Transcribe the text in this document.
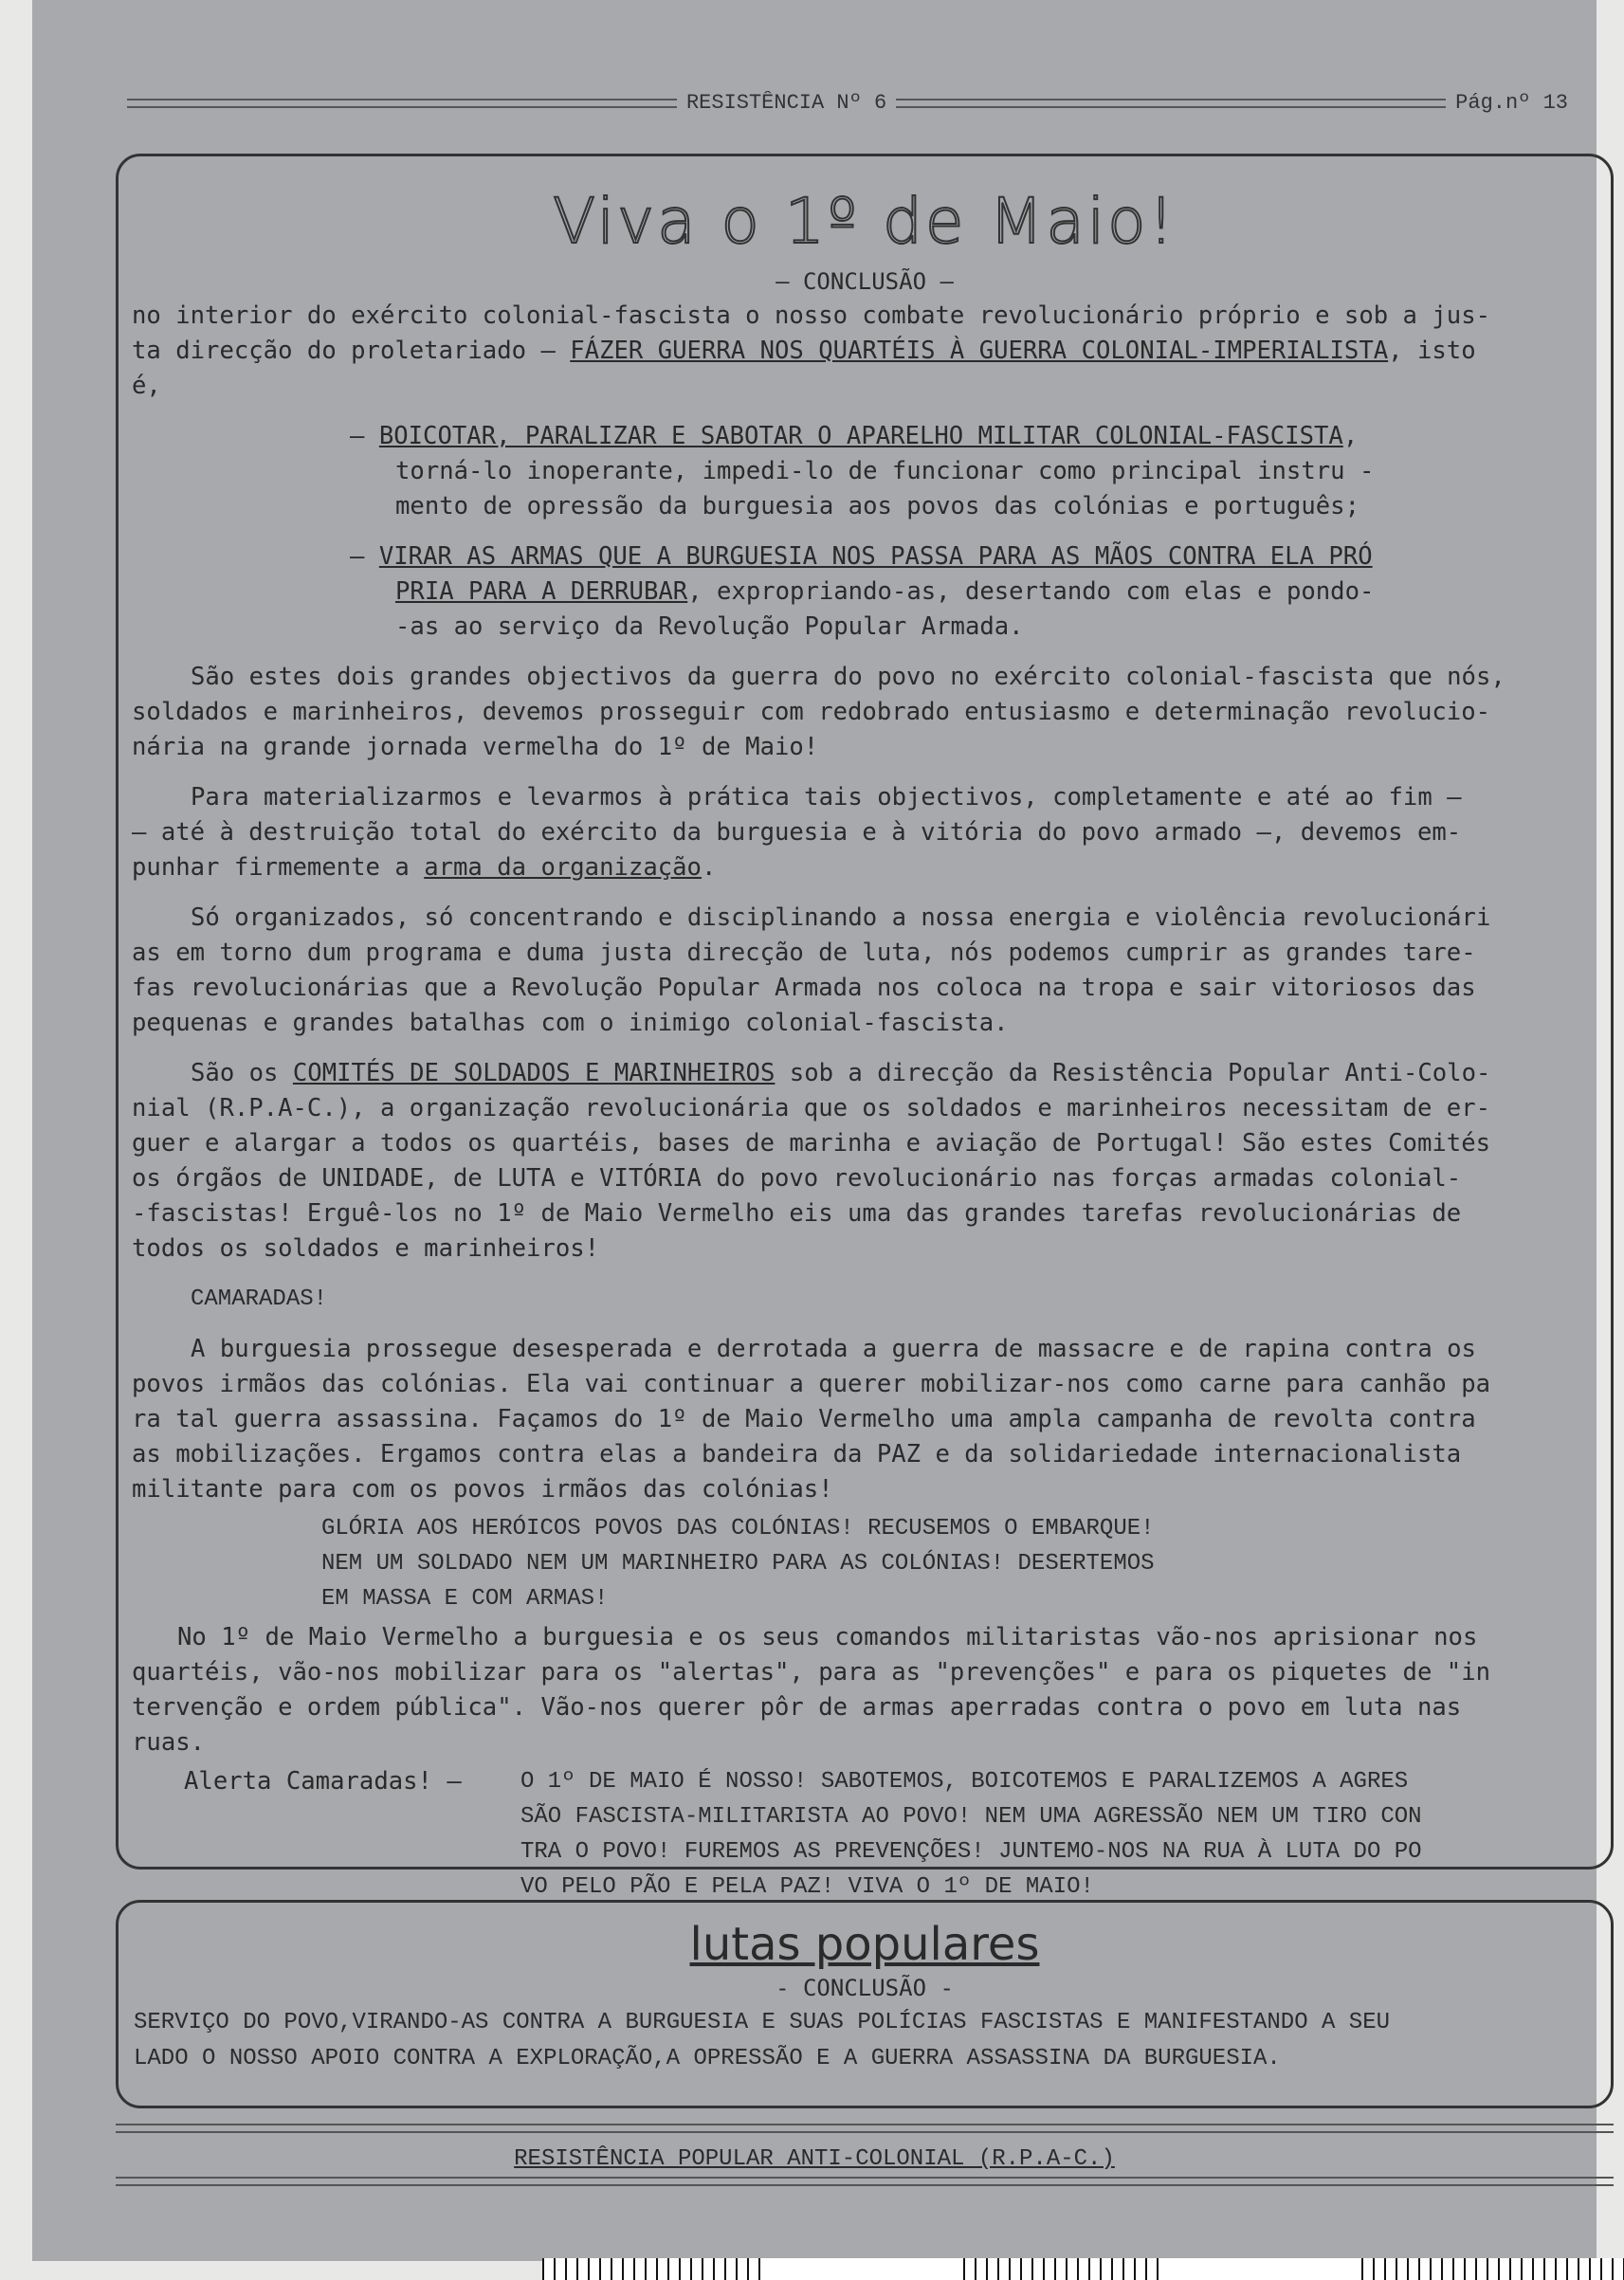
RESISTÊNCIA Nº 6	Pág.nº 13
Viva o 1º de Maio!
— CONCLUSÃO —

no interior do exército colonial-fascista o nosso combate revolucionário próprio e sob a jus-
ta direcção do proletariado — FÁZER GUERRA NOS QUARTÉIS À GUERRA COLONIAL-IMPERIALISTA, isto
é,

— BOICOTAR, PARALIZAR E SABOTAR O APARELHO MILITAR COLONIAL-FASCISTA,
torná-lo inoperante, impedi-lo de funcionar como principal instru -
mento de opressão da burguesia aos povos das colónias e português;

— VIRAR AS ARMAS QUE A BURGUESIA NOS PASSA PARA AS MÃOS CONTRA ELA PRÓ
PRIA PARA A DERRUBAR, expropriando-as, desertando com elas e pondo-
-as ao serviço da Revolução Popular Armada.

São estes dois grandes objectivos da guerra do povo no exército colonial-fascista que nós,
soldados e marinheiros, devemos prosseguir com redobrado entusiasmo e determinação revolucio-
nária na grande jornada vermelha do 1º de Maio!

Para materializarmos e levarmos à prática tais objectivos, completamente e até ao fim —
— até à destruição total do exército da burguesia e à vitória do povo armado —, devemos em-
punhar firmemente a arma da organização.

Só organizados, só concentrando e disciplinando a nossa energia e violência revolucionári
as em torno dum programa e duma justa direcção de luta, nós podemos cumprir as grandes tare-
fas revolucionárias que a Revolução Popular Armada nos coloca na tropa e sair vitoriosos das
pequenas e grandes batalhas com o inimigo colonial-fascista.

São os COMITÉS DE SOLDADOS E MARINHEIROS sob a direcção da Resistência Popular Anti-Colo-
nial (R.P.A-C.), a organização revolucionária que os soldados e marinheiros necessitam de er-
guer e alargar a todos os quartéis, bases de marinha e aviação de Portugal! São estes Comités
os órgãos de UNIDADE, de LUTA e VITÓRIA do povo revolucionário nas forças armadas colonial-
-fascistas! Erguê-los no 1º de Maio Vermelho eis uma das grandes tarefas revolucionárias de
todos os soldados e marinheiros!

CAMARADAS!

A burguesia prossegue desesperada e derrotada a guerra de massacre e de rapina contra os
povos irmãos das colónias. Ela vai continuar a querer mobilizar-nos como carne para canhão pa
ra tal guerra assassina. Façamos do 1º de Maio Vermelho uma ampla campanha de revolta contra
as mobilizações. Ergamos contra elas a bandeira da PAZ e da solidariedade internacionalista
militante para com os povos irmãos das colónias!

GLÓRIA AOS HERÓICOS POVOS DAS COLÓNIAS! RECUSEMOS O EMBARQUE!
NEM UM SOLDADO NEM UM MARINHEIRO PARA AS COLÓNIAS! DESERTEMOS
EM MASSA E COM ARMAS!

No 1º de Maio Vermelho a burguesia e os seus comandos militaristas vão-nos aprisionar nos
quartéis, vão-nos mobilizar para os "alertas", para as "prevenções" e para os piquetes de "in
tervenção e ordem pública". Vão-nos querer pôr de armas aperradas contra o povo em luta nas
ruas.

Alerta Camaradas! —	O 1º DE MAIO É NOSSO! SABOTEMOS, BOICOTEMOS E PARALIZEMOS A AGRES
SÃO FASCISTA-MILITARISTA AO POVO! NEM UMA AGRESSÃO NEM UM TIRO CON
TRA O POVO! FUREMOS AS PREVENÇÕES! JUNTEMO-NOS NA RUA À LUTA DO PO
VO PELO PÃO E PELA PAZ! VIVA O 1º DE MAIO!
lutas populares
- CONCLUSÃO -
SERVIÇO DO POVO,VIRANDO-AS CONTRA A BURGUESIA E SUAS POLÍCIAS FASCISTAS E MANIFESTANDO A SEU
LADO O NOSSO APOIO CONTRA A EXPLORAÇÃO,A OPRESSÃO E A GUERRA ASSASSINA DA BURGUESIA.
RESISTÊNCIA POPULAR ANTI-COLONIAL (R.P.A-C.)
